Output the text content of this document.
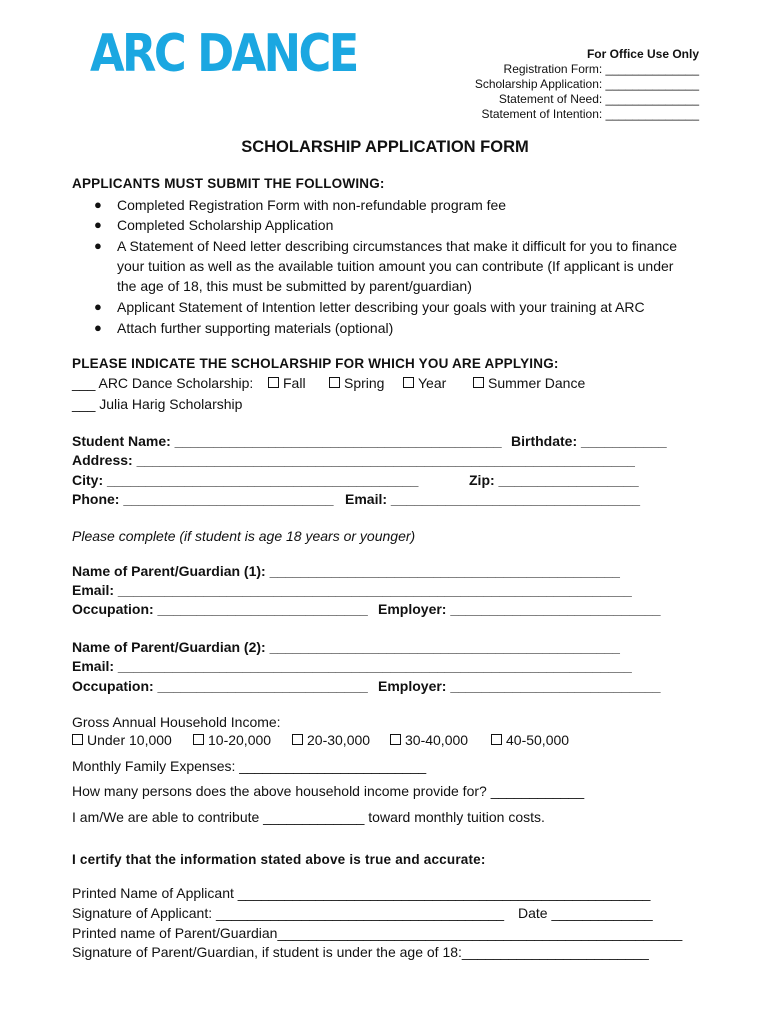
ARC DANCE	For Office Use Only
Registration Form: ______________
Scholarship Application: ______________
Statement of Need: ______________
Statement of Intention: ______________
SCHOLARSHIP APPLICATION FORM
APPLICANTS MUST SUBMIT THE FOLLOWING:
● Completed Registration Form with non-refundable program fee
● Completed Scholarship Application
● A Statement of Need letter describing circumstances that make it difficult for you to finance
your tuition as well as the available tuition amount you can contribute (If applicant is under
the age of 18, this must be submitted by parent/guardian)
● Applicant Statement of Intention letter describing your goals with your training at ARC
● Attach further supporting materials (optional)
PLEASE INDICATE THE SCHOLARSHIP FOR WHICH YOU ARE APPLYING:
___ ARC Dance Scholarship:	Fall	Spring	Year	Summer Dance
___ Julia Harig Scholarship
Student Name: __________________________________________ Birthdate: ___________
Address: ________________________________________________________________
City: ________________________________________	Zip: __________________
Phone: ___________________________ Email: ________________________________
Please complete (if student is age 18 years or younger)
Name of Parent/Guardian (1): _____________________________________________
Email: __________________________________________________________________
Occupation: ___________________________ Employer: ___________________________
Name of Parent/Guardian (2): _____________________________________________
Email: __________________________________________________________________
Occupation: ___________________________ Employer: ___________________________
Gross Annual Household Income:
Under 10,000	10-20,000	20-30,000	30-40,000	40-50,000
Monthly Family Expenses: ________________________
How many persons does the above household income provide for? ____________
I am/We are able to contribute _____________ toward monthly tuition costs.
I certify that the information stated above is true and accurate:
Printed Name of Applicant _____________________________________________________
Signature of Applicant: _____________________________________ Date _____________
Printed name of Parent/Guardian____________________________________________________
Signature of Parent/Guardian, if student is under the age of 18:________________________
